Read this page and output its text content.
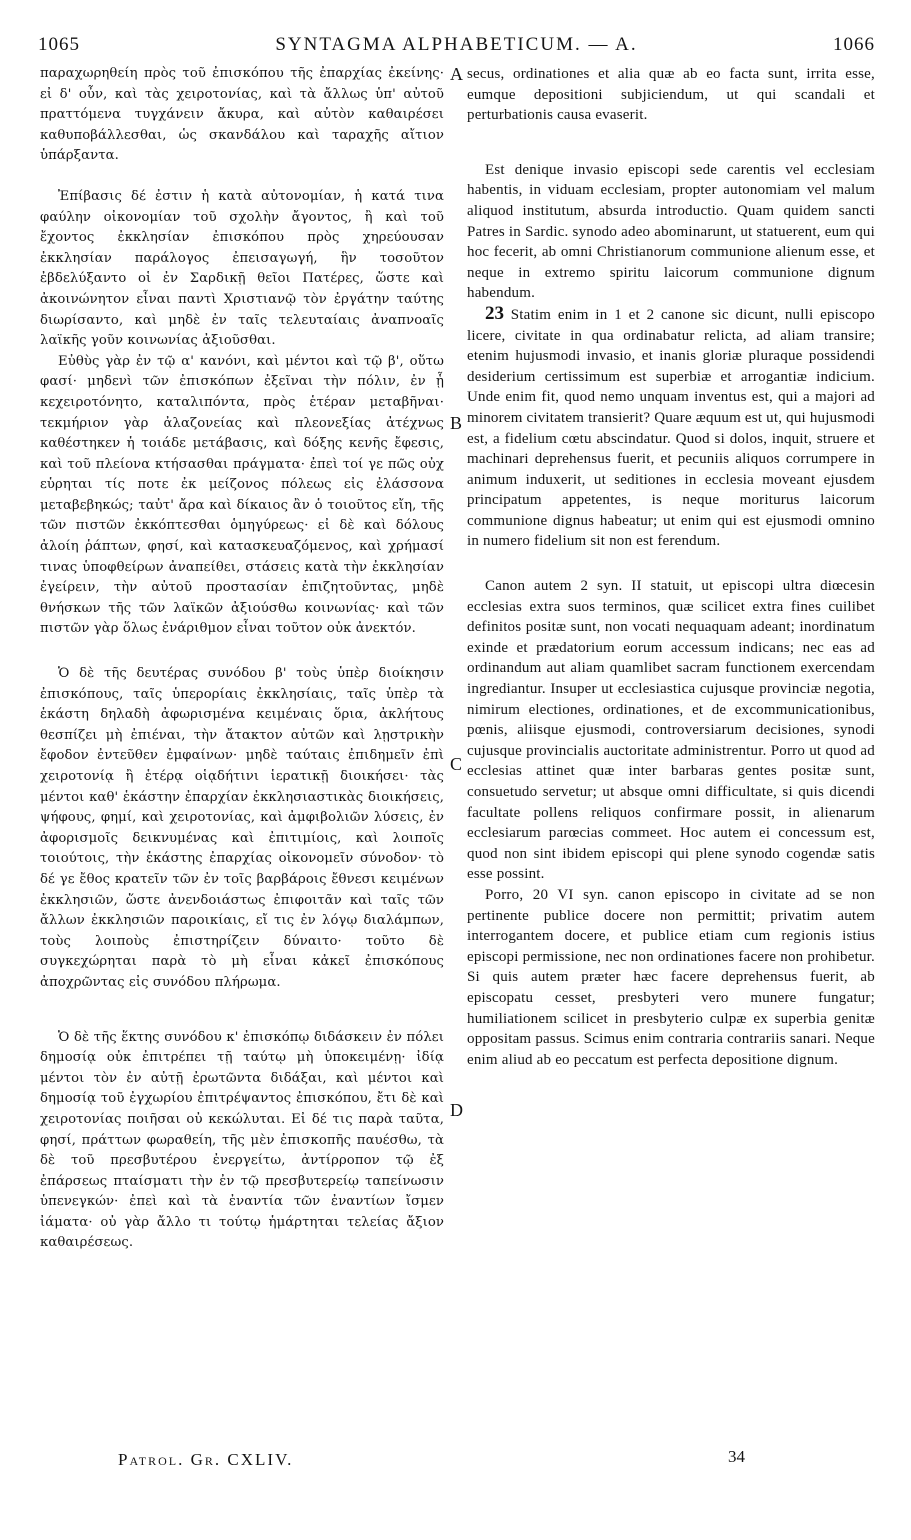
1065	SYNTAGMA ALPHABETICUM. — A.	1066

παραχωρηθείη πρὸς τοῦ ἐπισκόπου τῆς ἐπαρχίας ἐκείνης· εἰ δ' οὖν, καὶ τὰς χειροτονίας, καὶ τὰ ἄλλως ὑπ' αὐτοῦ πραττόμενα τυγχάνειν ἄκυρα, καὶ αὐτὸν καθαιρέσει καθυποβάλλεσθαι, ὡς σκανδάλου καὶ ταραχῆς αἴτιον ὑπάρξαντα.

Ἐπίβασις δέ ἐστιν ἡ κατὰ αὐτονομίαν, ἡ κατά τινα φαύλην οἰκονομίαν τοῦ σχολὴν ἄγοντος, ἢ καὶ τοῦ ἔχοντος ἐκκλησίαν ἐπισκόπου πρὸς χηρεύουσαν ἐκκλησίαν παράλογος ἐπεισαγωγή, ἣν τοσοῦτον ἐβδελύξαντο οἱ ἐν Σαρδικῇ θεῖοι Πατέρες, ὥστε καὶ ἀκοινώνητον εἶναι παντὶ Χριστιανῷ τὸν ἐργάτην ταύτης διωρίσαντο, καὶ μηδὲ ἐν ταῖς τελευταίαις ἀναπνοαῖς λαϊκῆς γοῦν κοινωνίας ἀξιοῦσθαι.

Εὐθὺς γὰρ ἐν τῷ α' κανόνι, καὶ μέντοι καὶ τῷ β', οὕτω φασί· μηδενὶ τῶν ἐπισκόπων ἐξεῖναι τὴν πόλιν, ἐν ᾗ κεχειροτόνητο, καταλιπόντα, πρὸς ἑτέραν μεταβῆναι· τεκμήριον γὰρ ἀλαζονείας καὶ πλεονεξίας ἀτέχνως καθέστηκεν ἡ τοιάδε μετάβασις, καὶ δόξης κενῆς ἔφεσις, καὶ τοῦ πλείονα κτήσασθαι πράγματα· ἐπεὶ τοί γε πῶς οὐχ εὑρηται τίς ποτε ἐκ μείζονος πόλεως εἰς ἐλάσσονα μεταβεβηκώς; ταὐτ' ἄρα καὶ δίκαιος ἂν ὁ τοιοῦτος εἴη, τῆς τῶν πιστῶν ἐκκόπτεσθαι ὁμηγύρεως· εἰ δὲ καὶ δόλους ἀλοίη ῥάπτων, φησί, καὶ κατασκευαζόμενος, καὶ χρήμασί τινας ὑποφθείρων ἀναπείθει, στάσεις κατὰ τὴν ἐκκλησίαν ἐγείρειν, τὴν αὐτοῦ προστασίαν ἐπιζητοῦντας, μηδὲ θνήσκων τῆς τῶν λαϊκῶν ἀξιούσθω κοινωνίας· καὶ τῶν πιστῶν γὰρ ὅλως ἐνάριθμον εἶναι τοῦτον οὐκ ἀνεκτόν.

Ὁ δὲ τῆς δευτέρας συνόδου β' τοὺς ὑπὲρ διοίκησιν ἐπισκόπους, ταῖς ὑπερορίαις ἐκκλησίαις, ταῖς ὑπὲρ τὰ ἑκάστη δηλαδὴ ἀφωρισμένα κειμέναις ὅρια, ἀκλήτους θεσπίζει μὴ ἐπιέναι, τὴν ἄτακτον αὐτῶν καὶ λῃστρικὴν ἔφοδον ἐντεῦθεν ἐμφαίνων· μηδὲ ταύταις ἐπιδημεῖν ἐπὶ χειροτονίᾳ ἢ ἑτέρᾳ οἱᾳδήτινι ἱερατικῇ διοικήσει· τὰς μέντοι καθ' ἑκάστην ἐπαρχίαν ἐκκλησιαστικὰς διοικήσεις, ψήφους, φημί, καὶ χειροτονίας, καὶ ἀμφιβολιῶν λύσεις, ἐν ἀφορισμοῖς δεικνυμένας καὶ ἐπιτιμίοις, καὶ λοιποῖς τοιούτοις, τὴν ἑκάστης ἐπαρχίας οἰκονομεῖν σύνοδον· τὸ δέ γε ἔθος κρατεῖν τῶν ἐν τοῖς βαρβάροις ἔθνεσι κειμένων ἐκκλησιῶν, ὥστε ἀνενδοιάστως ἐπιφοιτᾶν καὶ ταῖς τῶν ἄλλων ἐκκλησιῶν παροικίαις, εἴ τις ἐν λόγῳ διαλάμπων, τοὺς λοιποὺς ἐπιστηρίζειν δύναιτο· τοῦτο δὲ συγκεχώρηται παρὰ τὸ μὴ εἶναι κἀκεῖ ἐπισκόπους ἀποχρῶντας εἰς συνόδου πλήρωμα.

Ὁ δὲ τῆς ἕκτης συνόδου κ' ἐπισκόπῳ διδάσκειν ἐν πόλει δημοσίᾳ οὐκ ἐπιτρέπει τῇ ταύτῳ μὴ ὑποκειμένῃ· ἰδίᾳ μέντοι τὸν ἐν αὐτῇ ἐρωτῶντα διδάξαι, καὶ μέντοι καὶ δημοσίᾳ τοῦ ἐγχωρίου ἐπιτρέψαντος ἐπισκόπου, ἔτι δὲ καὶ χειροτονίας ποιῆσαι οὐ κεκώλυται. Εἰ δέ τις παρὰ ταῦτα, φησί, πράττων φωραθείη, τῆς μὲν ἐπισκοπῆς παυέσθω, τὰ δὲ τοῦ πρεσβυτέρου ἐνεργείτω, ἀντίρροπον τῷ ἐξ ἐπάρσεως πταίσματι τὴν ἐν τῷ πρεσβυτερείῳ ταπείνωσιν ὑπενεγκών· ἐπεὶ καὶ τὰ ἐναντία τῶν ἐναντίων ἴσμεν ἰάματα· οὐ γὰρ ἄλλο τι τούτῳ ἡμάρτηται τελείας ἄξιον καθαιρέσεως.

secus, ordinationes et alia quæ ab eo facta sunt, irrita esse, eumque depositioni subjiciendum, ut qui scandali et perturbationis causa evaserit.

Est denique invasio episcopi sede carentis vel ecclesiam habentis, in viduam ecclesiam, propter autonomiam vel malum aliquod institutum, absurda introductio. Quam quidem sancti Patres in Sardic. synodo adeo abominarunt, ut statuerent, eum qui hoc fecerit, ab omni Christianorum communione alienum esse, et neque in extremo spiritu laicorum communione dignum habendum.

23 Statim enim in 1 et 2 canone sic dicunt, nulli episcopo licere, civitate in qua ordinabatur relicta, ad aliam transire; etenim hujusmodi invasio, et inanis gloriæ pluraque possidendi desiderium certissimum est superbiæ et arrogantiæ indicium. Unde enim fit, quod nemo unquam inventus est, qui a majori ad minorem civitatem transierit? Quare æquum est ut, qui hujusmodi est, a fidelium cœtu abscindatur. Quod si dolos, inquit, struere et machinari deprehensus fuerit, et pecuniis aliquos corrumpere in animum induxerit, ut seditiones in ecclesia moveant ejusdem principatum appetentes, is neque moriturus laicorum communione dignus habeatur; ut enim qui est ejusmodi omnino in numero fidelium sit non est ferendum.

Canon autem 2 syn. II statuit, ut episcopi ultra diœcesin ecclesias extra suos terminos, quæ scilicet extra fines cuilibet definitos positæ sunt, non vocati nequaquam adeant; inordinatum exinde et prædatorium eorum accessum indicans; nec eas ad ordinandum aut aliam quamlibet sacram functionem exercendam ingrediantur. Insuper ut ecclesiastica cujusque provinciæ negotia, nimirum electiones, ordinationes, et de excommunicationibus, pœnis, aliisque ejusmodi, controversiarum decisiones, synodi cujusque provincialis auctoritate administrentur. Porro ut quod ad ecclesias attinet quæ inter barbaras gentes positæ sunt, consuetudo servetur; ut absque omni difficultate, si quis dicendi facultate pollens reliquos confirmare possit, in alienarum ecclesiarum parœcias commeet. Hoc autem ei concessum est, quod non sint ibidem episcopi qui plene synodo cogendæ satis esse possint.

Porro, 20 VI syn. canon episcopo in civitate ad se non pertinente publice docere non permittit; privatim autem interrogantem docere, et publice etiam cum regionis istius episcopi permissione, nec non ordinationes facere non prohibetur. Si quis autem præter hæc facere deprehensus fuerit, ab episcopatu cesset, presbyteri vero munere fungatur; humiliationem scilicet in presbyterio culpæ ex superbia genitæ oppositam passus. Scimus enim contraria contrariis sanari. Neque enim aliud ab eo peccatum est perfecta depositione dignum.

A
B
C
D
Patrol. Gr. CXLIV.	34
